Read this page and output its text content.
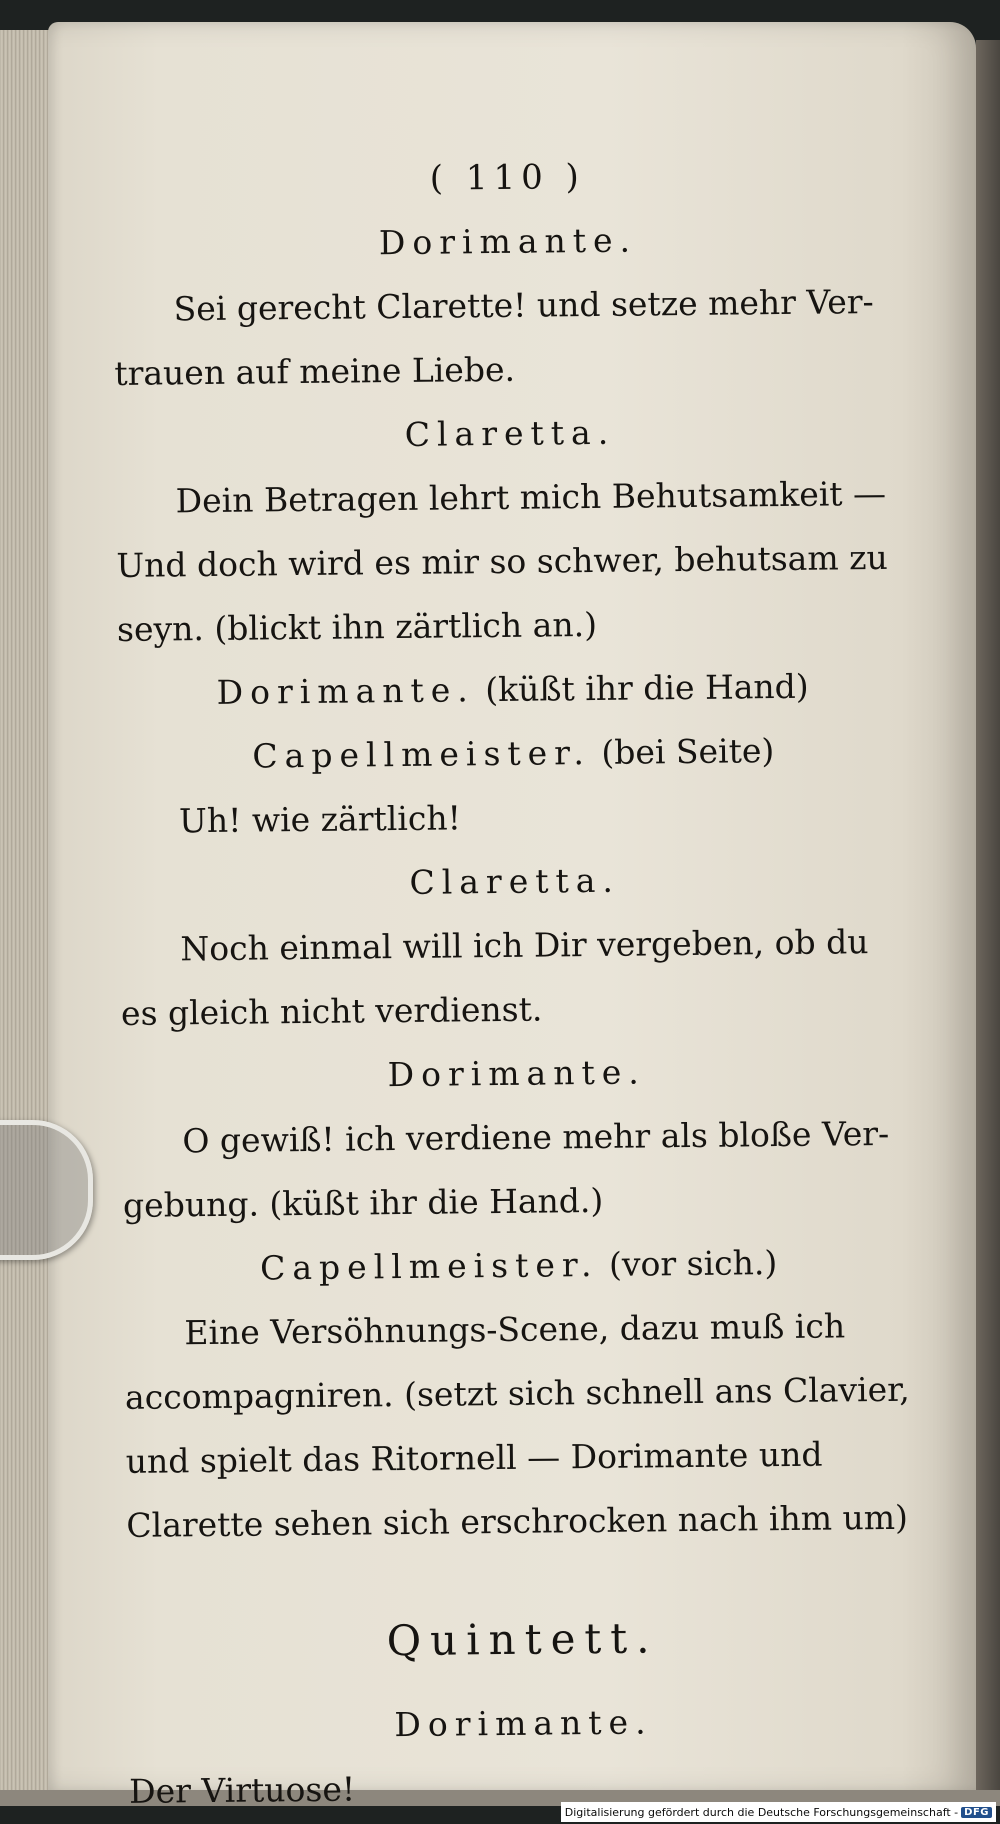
( 110 )
Dorimante.
Sei gerecht Clarette! und setze mehr Ver-
trauen auf meine Liebe.
Claretta.
Dein Betragen lehrt mich Behutsamkeit —
Und doch wird es mir so schwer, behutsam zu
seyn. (blickt ihn zärtlich an.)
Dorimante. (küßt ihr die Hand)
Capellmeister. (bei Seite)
Uh! wie zärtlich!
Claretta.
Noch einmal will ich Dir vergeben, ob du
es gleich nicht verdienst.
Dorimante.
O gewiß! ich verdiene mehr als bloße Ver-
gebung. (küßt ihr die Hand.)
Capellmeister. (vor sich.)
Eine Versöhnungs-Scene, dazu muß ich
accompagniren. (setzt sich schnell ans Clavier,
und spielt das Ritornell — Dorimante und
Clarette sehen sich erschrocken nach ihm um)
Quintett.
Dorimante.
Der Virtuose!
Digitalisierung gefördert durch die Deutsche Forschungsgemeinschaft - DFG
